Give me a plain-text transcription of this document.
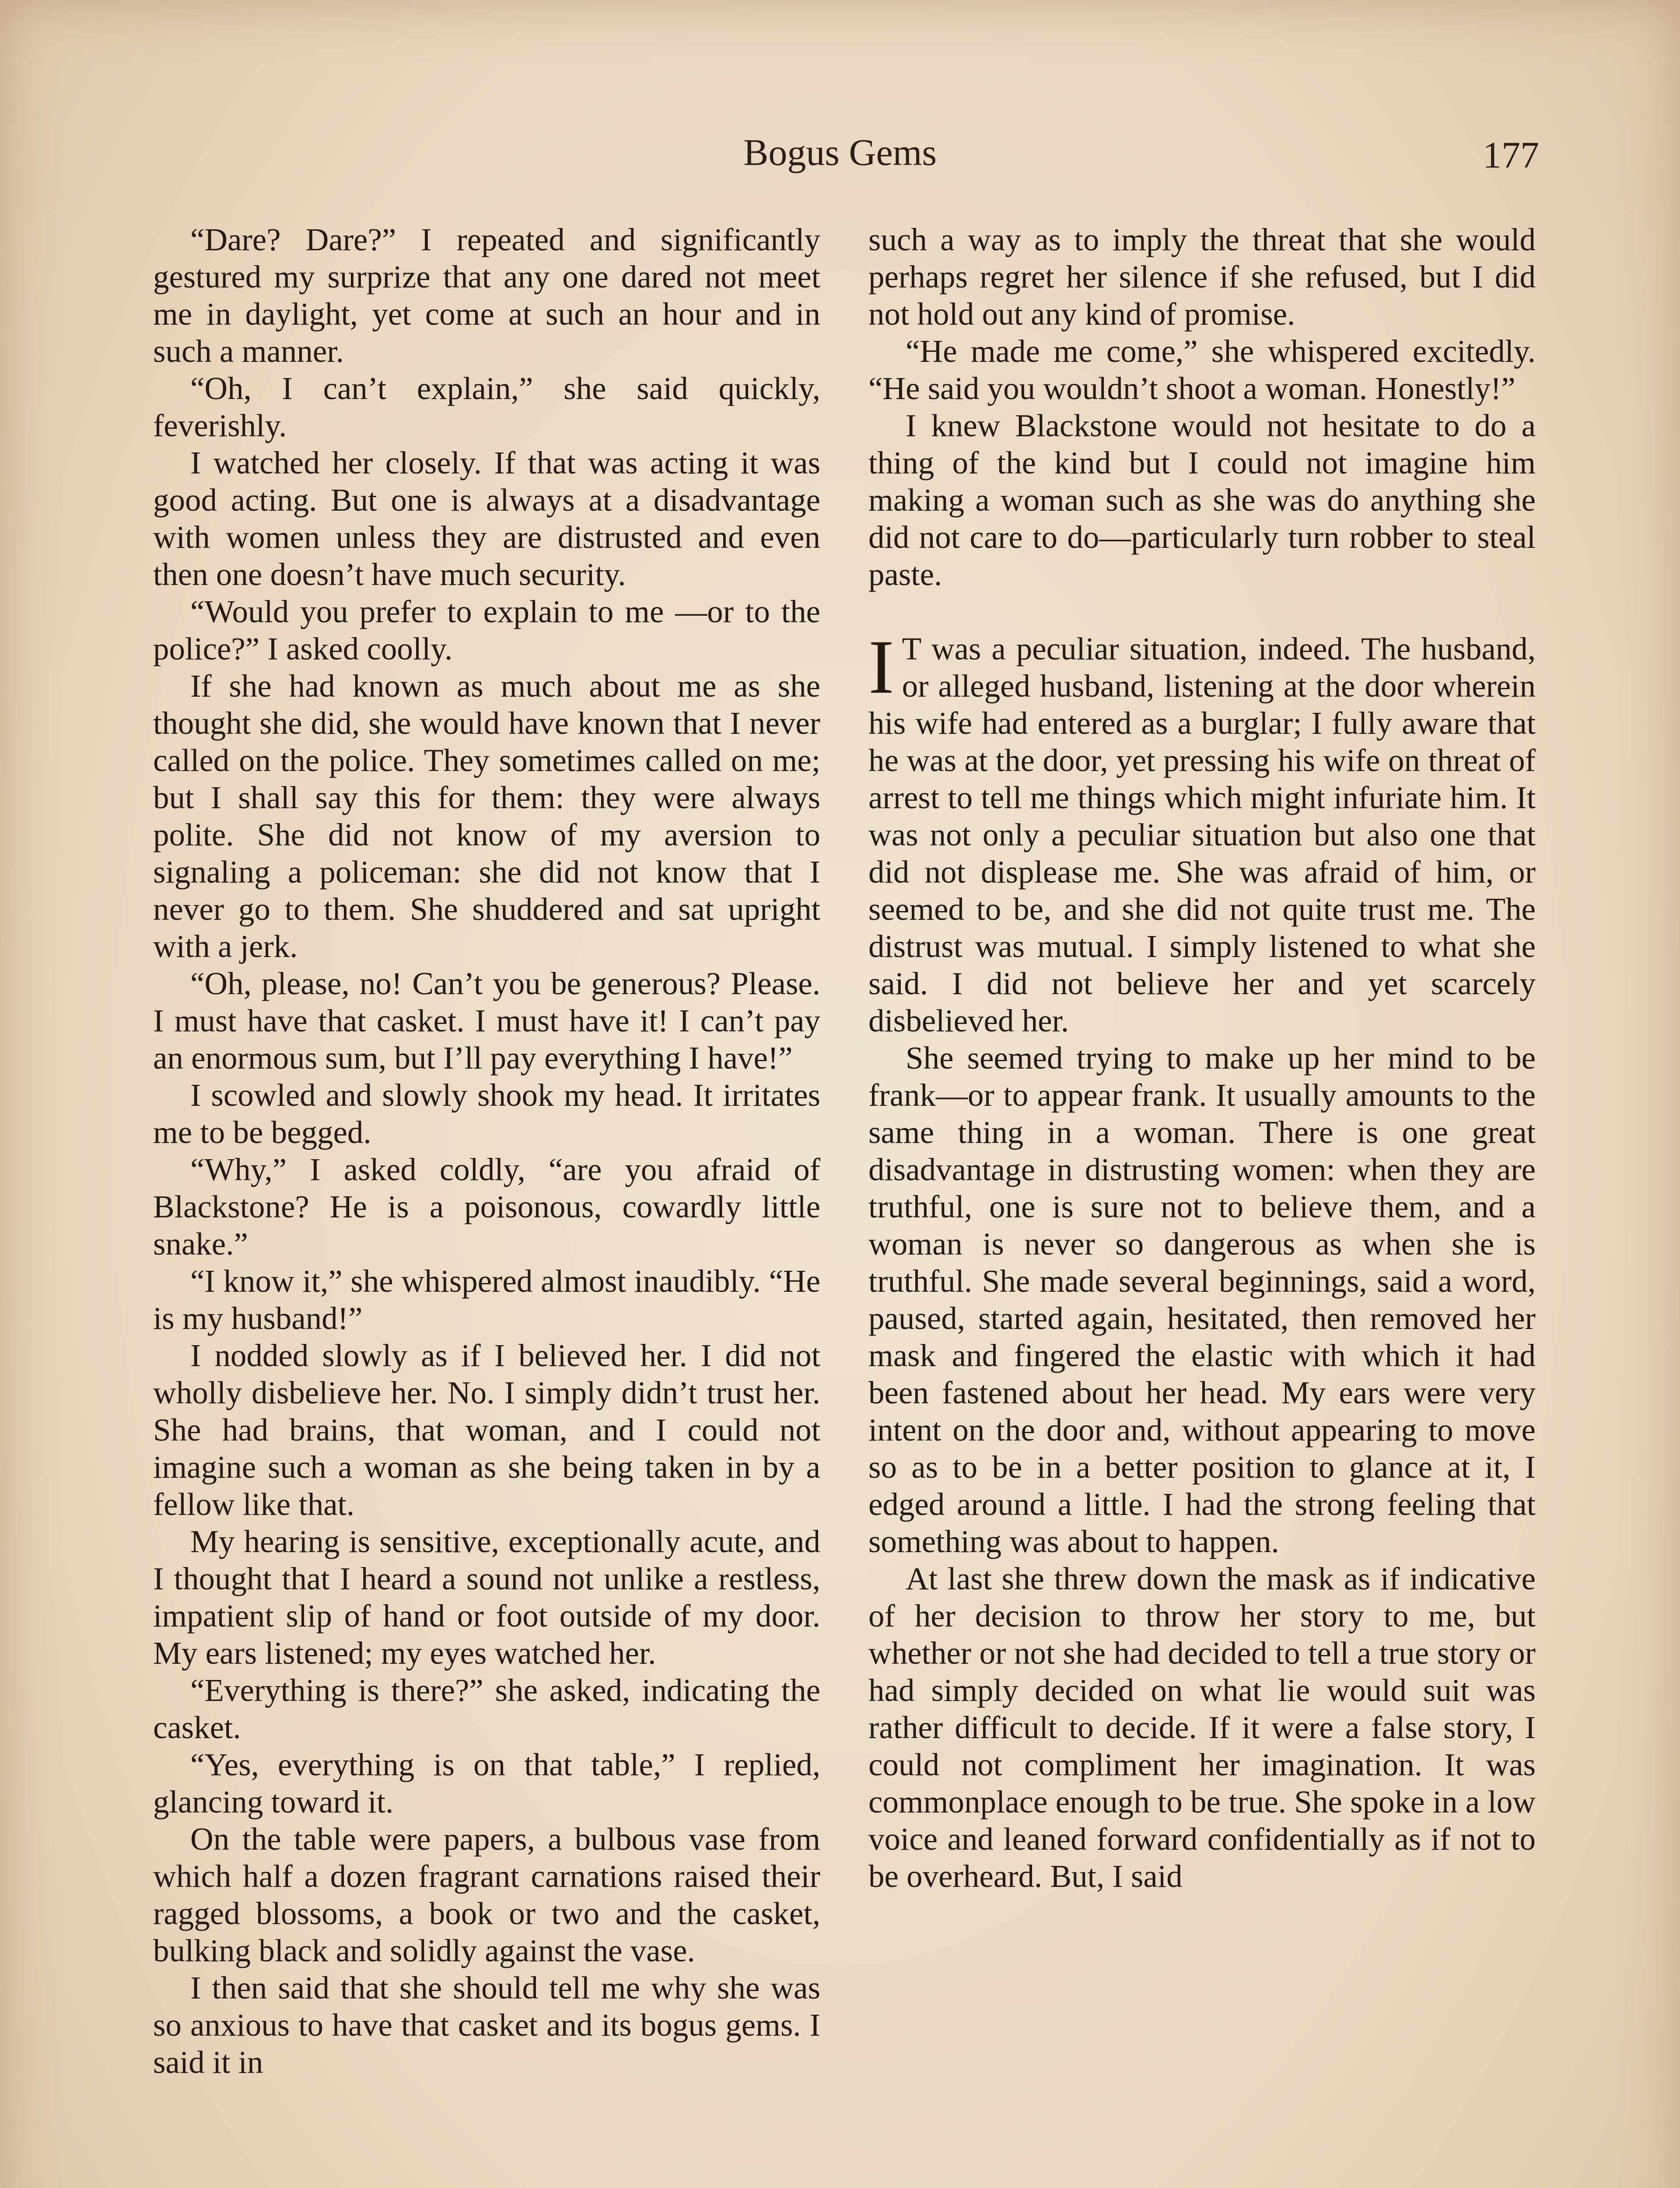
Bogus Gems	177

“Dare? Dare?” I repeated and significantly gestured my surprize that any one dared not meet me in daylight, yet come at such an hour and in such a manner.

“Oh, I can’t explain,” she said quickly, feverishly.

I watched her closely. If that was acting it was good acting. But one is always at a disadvantage with women unless they are distrusted and even then one doesn’t have much security.

“Would you prefer to explain to me —or to the police?” I asked coolly.

If she had known as much about me as she thought she did, she would have known that I never called on the police. They sometimes called on me; but I shall say this for them: they were always polite. She did not know of my aversion to signaling a policeman: she did not know that I never go to them. She shuddered and sat upright with a jerk.

“Oh, please, no! Can’t you be generous? Please. I must have that casket. I must have it! I can’t pay an enormous sum, but I’ll pay everything I have!”

I scowled and slowly shook my head. It irritates me to be begged.

“Why,” I asked coldly, “are you afraid of Blackstone? He is a poisonous, cowardly little snake.”

“I know it,” she whispered almost inaudibly. “He is my husband!”

I nodded slowly as if I believed her. I did not wholly disbelieve her. No. I simply didn’t trust her. She had brains, that woman, and I could not imagine such a woman as she being taken in by a fellow like that.

My hearing is sensitive, exceptionally acute, and I thought that I heard a sound not unlike a restless, impatient slip of hand or foot outside of my door. My ears listened; my eyes watched her.

“Everything is there?” she asked, indicating the casket.

“Yes, everything is on that table,” I replied, glancing toward it.

On the table were papers, a bulbous vase from which half a dozen fragrant carnations raised their ragged blossoms, a book or two and the casket, bulking black and solidly against the vase.

I then said that she should tell me why she was so anxious to have that casket and its bogus gems. I said it in

such a way as to imply the threat that she would perhaps regret her silence if she refused, but I did not hold out any kind of promise.

“He made me come,” she whispered excitedly. “He said you wouldn’t shoot a woman. Honestly!”

I knew Blackstone would not hesitate to do a thing of the kind but I could not imagine him making a woman such as she was do anything she did not care to do—particularly turn robber to steal paste.

I T was a peculiar situation, indeed. The husband, or alleged husband, listening at the door wherein his wife had entered as a burglar; I fully aware that he was at the door, yet pressing his wife on threat of arrest to tell me things which might infuriate him. It was not only a peculiar situation but also one that did not displease me. She was afraid of him, or seemed to be, and she did not quite trust me. The distrust was mutual. I simply listened to what she said. I did not believe her and yet scarcely disbelieved her.

She seemed trying to make up her mind to be frank—or to appear frank. It usually amounts to the same thing in a woman. There is one great disadvantage in distrusting women: when they are truthful, one is sure not to believe them, and a woman is never so dangerous as when she is truthful. She made several beginnings, said a word, paused, started again, hesitated, then removed her mask and fingered the elastic with which it had been fastened about her head. My ears were very intent on the door and, without appearing to move so as to be in a better position to glance at it, I edged around a little. I had the strong feeling that something was about to happen.

At last she threw down the mask as if indicative of her decision to throw her story to me, but whether or not she had decided to tell a true story or had simply decided on what lie would suit was rather difficult to decide. If it were a false story, I could not compliment her imagination. It was commonplace enough to be true. She spoke in a low voice and leaned forward confidentially as if not to be overheard. But, I said
